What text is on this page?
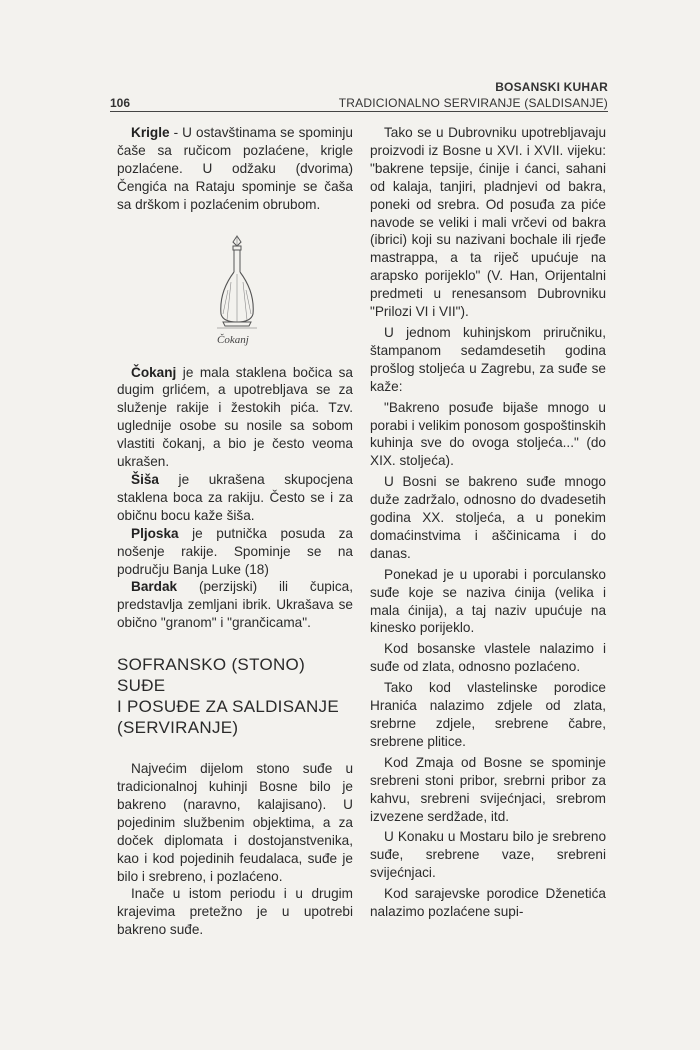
BOSANSKI KUHAR
106	TRADICIONALNO SERVIRANJE (SALDISANJE)

Krigle - U ostavštinama se spominju čaše sa ručicom pozlaćene, krigle pozlaćene. U odžaku (dvorima) Čengića na Rataju spominje se čaša sa drškom i pozlaćenim obrubom.

Čokanj

Čokanj je mala staklena bočica sa dugim grlićem, a upotrebljava se za služenje rakije i žestokih pića. Tzv. uglednije osobe su nosile sa sobom vlastiti čokanj, a bio je često veoma ukrašen.

Šiša je ukrašena skupocjena staklena boca za rakiju. Često se i za običnu bocu kaže šiša.

Pljoska je putnička posuda za nošenje rakije. Spominje se na području Banja Luke (18)

Bardak (perzijski) ili čupica, predstavlja zemljani ibrik. Ukrašava se obično "granom" i "grančicama".

SOFRANSKO (STONO) SUĐE
I POSUĐE ZA SALDISANJE
(SERVIRANJE)

Najvećim dijelom stono suđe u tradicionalnoj kuhinji Bosne bilo je bakreno (naravno, kalajisano). U pojedinim službenim objektima, a za doček diplomata i dostojanstvenika, kao i kod pojedinih feudalaca, suđe je bilo i srebreno, i pozlaćeno.

Inače u istom periodu i u drugim krajevima pretežno je u upotrebi bakreno suđe.

Tako se u Dubrovniku upotrebljavaju proizvodi iz Bosne u XVI. i XVII. vijeku: "bakrene tepsije, ćinije i ćanci, sahani od kalaja, tanjiri, pladnjevi od bakra, poneki od srebra. Od posuđa za piće navode se veliki i mali vrčevi od bakra (ibrici) koji su nazivani bochale ili rjeđe mastrappa, a ta riječ upućuje na arapsko porijeklo" (V. Han, Orijentalni predmeti u renesansom Dubrovniku "Prilozi VI i VII").

U jednom kuhinjskom priručniku, štampanom sedamdesetih godina prošlog stoljeća u Zagrebu, za suđe se kaže:

"Bakreno posuđe bijaše mnogo u porabi i velikim ponosom gospoštinskih kuhinja sve do ovoga stoljeća..." (do XIX. stoljeća).

U Bosni se bakreno suđe mnogo duže zadržalo, odnosno do dvadesetih godina XX. stoljeća, a u ponekim domaćinstvima i aščinicama i do danas.

Ponekad je u uporabi i porculansko suđe koje se naziva ćinija (velika i mala ćinija), a taj naziv upućuje na kinesko porijeklo.

Kod bosanske vlastele nalazimo i suđe od zlata, odnosno pozlaćeno.

Tako kod vlastelinske porodice Hranića nalazimo zdjele od zlata, srebrne zdjele, srebrene čabre, srebrene plitice.

Kod Zmaja od Bosne se spominje srebreni stoni pribor, srebrni pribor za kahvu, srebreni svijećnjaci, srebrom izvezene serdžade, itd.

U Konaku u Mostaru bilo je srebreno suđe, srebrene vaze, srebreni svijećnjaci.

Kod sarajevske porodice Dženetića nalazimo pozlaćene supi-
